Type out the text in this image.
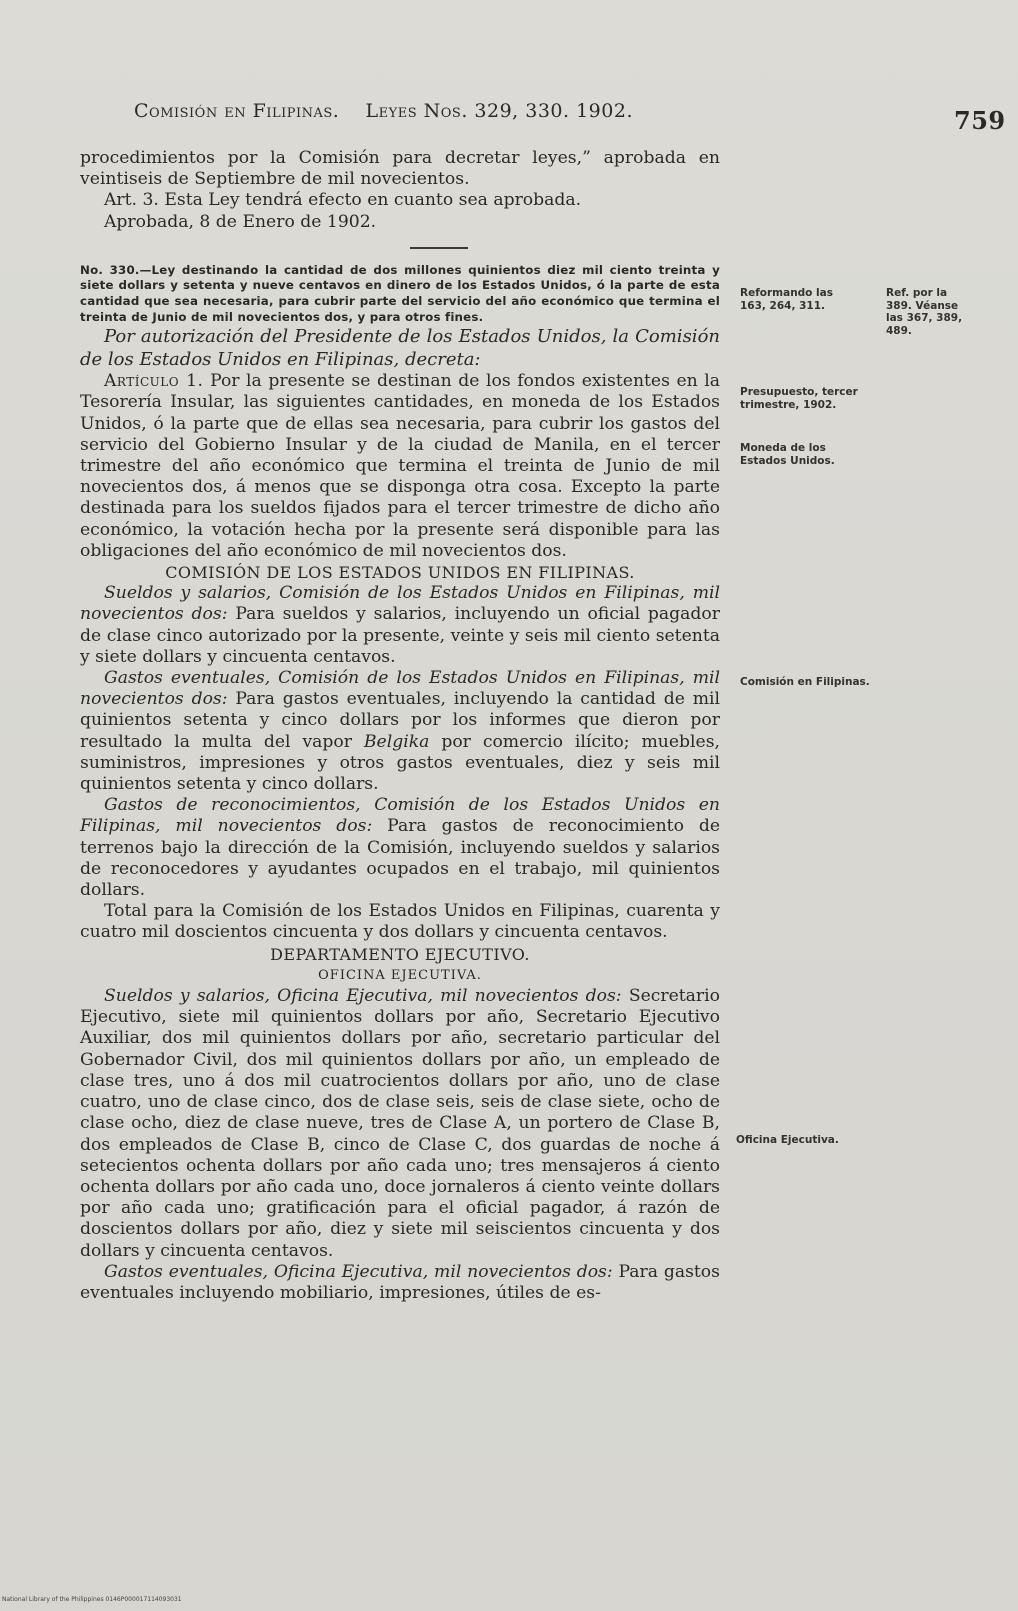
Comisión en Filipinas. Leyes Nos. 329, 330. 1902.	759

procedimientos por la Comisión para decretar leyes,” aprobada en veintiseis de Septiembre de mil novecientos.

Art. 3. Esta Ley tendrá efecto en cuanto sea aprobada.

Aprobada, 8 de Enero de 1902.

No. 330.—Ley destinando la cantidad de dos millones quinientos diez mil ciento treinta y siete dollars y setenta y nueve centavos en dinero de los Estados Unidos, ó la parte de esta cantidad que sea necesaria, para cubrir parte del servicio del año económico que termina el treinta de Junio de mil novecientos dos, y para otros fines.

Por autorización del Presidente de los Estados Unidos, la Comisión de los Estados Unidos en Filipinas, decreta:

Artículo 1. Por la presente se destinan de los fondos existentes en la Tesorería Insular, las siguientes cantidades, en moneda de los Estados Unidos, ó la parte que de ellas sea necesaria, para cubrir los gastos del servicio del Gobierno Insular y de la ciudad de Manila, en el tercer trimestre del año económico que termina el treinta de Junio de mil novecientos dos, á menos que se disponga otra cosa. Excepto la parte destinada para los sueldos fijados para el tercer trimestre de dicho año económico, la votación hecha por la presente será disponible para las obligaciones del año económico de mil novecientos dos.

COMISIÓN DE LOS ESTADOS UNIDOS EN FILIPINAS.

Sueldos y salarios, Comisión de los Estados Unidos en Filipinas, mil novecientos dos: Para sueldos y salarios, incluyendo un oficial pagador de clase cinco autorizado por la presente, veinte y seis mil ciento setenta y siete dollars y cincuenta centavos.

Gastos eventuales, Comisión de los Estados Unidos en Filipinas, mil novecientos dos: Para gastos eventuales, incluyendo la cantidad de mil quinientos setenta y cinco dollars por los informes que dieron por resultado la multa del vapor Belgika por comercio ilícito; muebles, suministros, impresiones y otros gastos eventuales, diez y seis mil quinientos setenta y cinco dollars.

Gastos de reconocimientos, Comisión de los Estados Unidos en Filipinas, mil novecientos dos: Para gastos de reconocimiento de terrenos bajo la dirección de la Comisión, incluyendo sueldos y salarios de reconocedores y ayudantes ocupados en el trabajo, mil quinientos dollars.

Total para la Comisión de los Estados Unidos en Filipinas, cuarenta y cuatro mil doscientos cincuenta y dos dollars y cincuenta centavos.

DEPARTAMENTO EJECUTIVO.

OFICINA EJECUTIVA.

Sueldos y salarios, Oficina Ejecutiva, mil novecientos dos: Secretario Ejecutivo, siete mil quinientos dollars por año, Secretario Ejecutivo Auxiliar, dos mil quinientos dollars por año, secretario particular del Gobernador Civil, dos mil quinientos dollars por año, un empleado de clase tres, uno á dos mil cuatrocientos dollars por año, uno de clase cuatro, uno de clase cinco, dos de clase seis, seis de clase siete, ocho de clase ocho, diez de clase nueve, tres de Clase A, un portero de Clase B, dos empleados de Clase B, cinco de Clase C, dos guardas de noche á setecientos ochenta dollars por año cada uno; tres mensajeros á ciento ochenta dollars por año cada uno, doce jornaleros á ciento veinte dollars por año cada uno; gratificación para el oficial pagador, á razón de doscientos dollars por año, diez y siete mil seiscientos cincuenta y dos dollars y cincuenta centavos.

Gastos eventuales, Oficina Ejecutiva, mil novecientos dos: Para gastos eventuales incluyendo mobiliario, impresiones, útiles de es-

Reformando las 163, 264, 311.
Ref. por la 389. Véanse las 367, 389, 489.
Presupuesto, tercer trimestre, 1902.
Moneda de los Estados Unidos.
Comisión en Filipinas.
Oficina Ejecutiva.
National Library of the Philippines 0146P000017114093031
